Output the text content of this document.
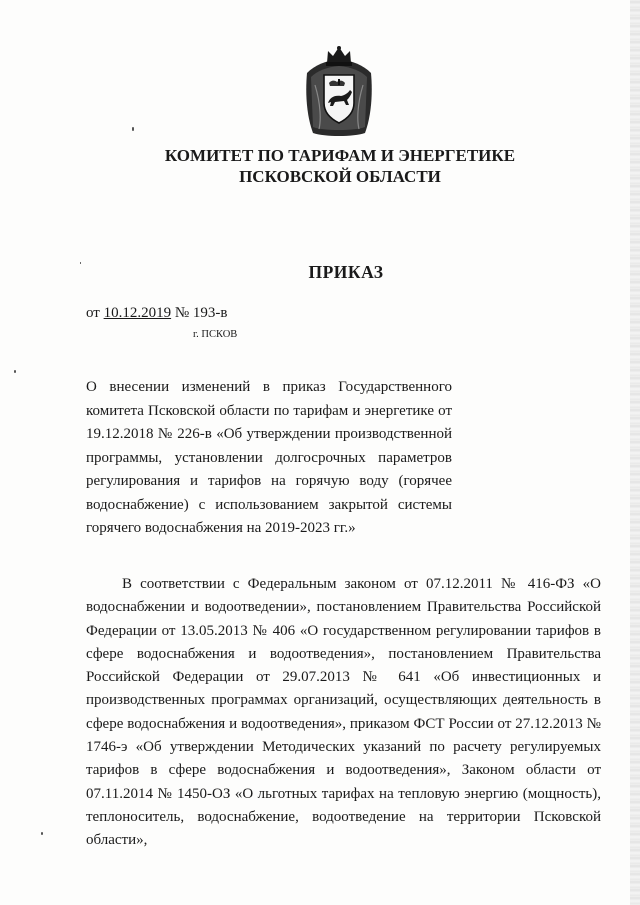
КОМИТЕТ ПО ТАРИФАМ И ЭНЕРГЕТИКЕ
ПСКОВСКОЙ ОБЛАСТИ
ПРИКАЗ
от 10.12.2019 № 193-в
г. ПСКОВ
О внесении изменений в приказ Государственного комитета Псковской области по тарифам и энергетике от 19.12.2018 № 226-в «Об утверждении производственной программы, установлении долгосрочных параметров регулирования и тарифов на горячую воду (горячее водоснабжение) с использованием закрытой системы горячего водоснабжения на 2019-2023 гг.»
В соответствии с Федеральным законом от 07.12.2011 № 416-ФЗ «О водоснабжении и водоотведении», постановлением Правительства Российской Федерации от 13.05.2013 № 406 «О государственном регулировании тарифов в сфере водоснабжения и водоотведения», постановлением Правительства Российской Федерации от 29.07.2013 № 641 «Об инвестиционных и производственных программах организаций, осуществляющих деятельность в сфере водоснабжения и водоотведения», приказом ФСТ России от 27.12.2013 № 1746-э «Об утверждении Методических указаний по расчету регулируемых тарифов в сфере водоснабжения и водоотведения», Законом области от 07.11.2014 № 1450-ОЗ «О льготных тарифах на тепловую энергию (мощность), теплоноситель, водоснабжение, водоотведение на территории Псковской области»,
